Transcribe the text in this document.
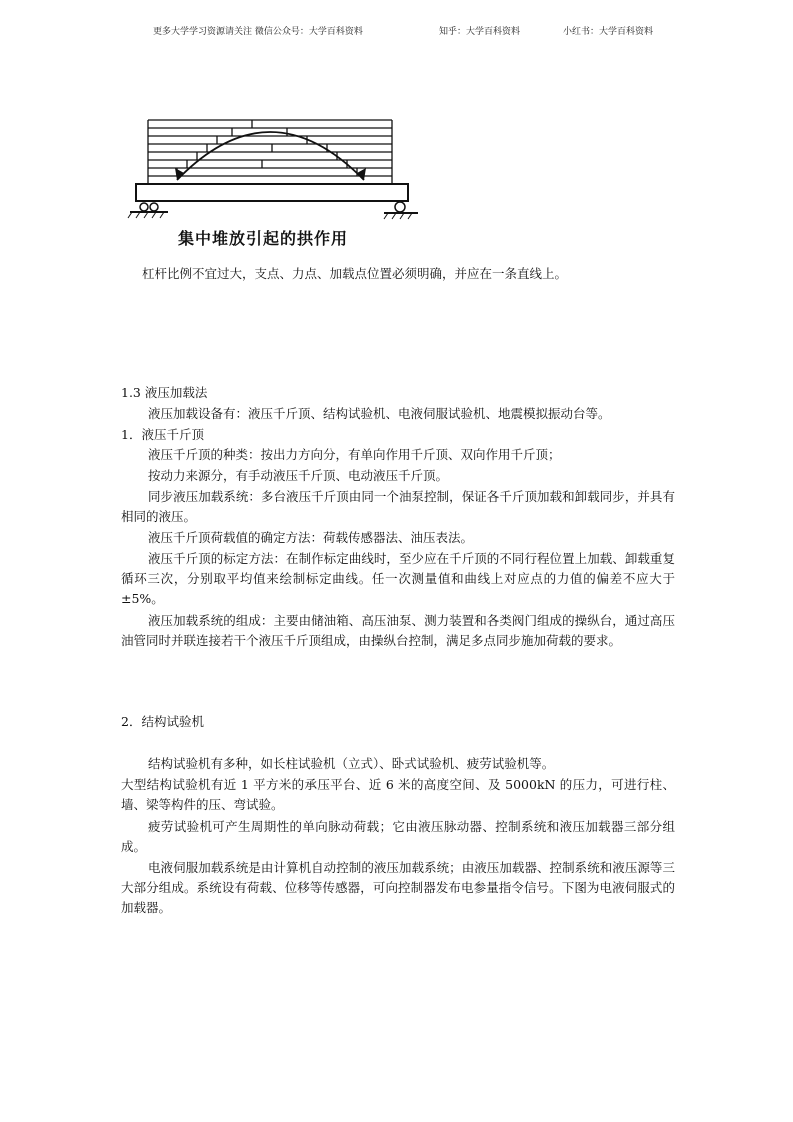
更多大学学习资源请关注 微信公众号：大学百科资料	知乎：大学百科资料	小红书：大学百科资料
集中堆放引起的拱作用
杠杆比例不宜过大，支点、力点、加载点位置必须明确，并应在一条直线上。
1.3 液压加载法
液压加载设备有：液压千斤顶、结构试验机、电液伺服试验机、地震模拟振动台等。
1．液压千斤顶
液压千斤顶的种类：按出力方向分，有单向作用千斤顶、双向作用千斤顶；
按动力来源分，有手动液压千斤顶、电动液压千斤顶。
同步液压加载系统：多台液压千斤顶由同一个油泵控制，保证各千斤顶加载和卸载同步，并具有相同的液压。
液压千斤顶荷载值的确定方法：荷载传感器法、油压表法。
液压千斤顶的标定方法：在制作标定曲线时，至少应在千斤顶的不同行程位置上加载、卸载重复循环三次，分别取平均值来绘制标定曲线。任一次测量值和曲线上对应点的力值的偏差不应大于±5%。
液压加载系统的组成：主要由储油箱、高压油泵、测力装置和各类阀门组成的操纵台，通过高压油管同时并联连接若干个液压千斤顶组成，由操纵台控制，满足多点同步施加荷载的要求。
2．结构试验机
结构试验机有多种，如长柱试验机（立式）、卧式试验机、疲劳试验机等。
大型结构试验机有近 1 平方米的承压平台、近 6 米的高度空间、及 5000kN 的压力，可进行柱、墙、梁等构件的压、弯试验。
疲劳试验机可产生周期性的单向脉动荷载；它由液压脉动器、控制系统和液压加载器三部分组成。
电液伺服加载系统是由计算机自动控制的液压加载系统；由液压加载器、控制系统和液压源等三大部分组成。系统设有荷载、位移等传感器，可向控制器发布电参量指令信号。下图为电液伺服式的加载器。
